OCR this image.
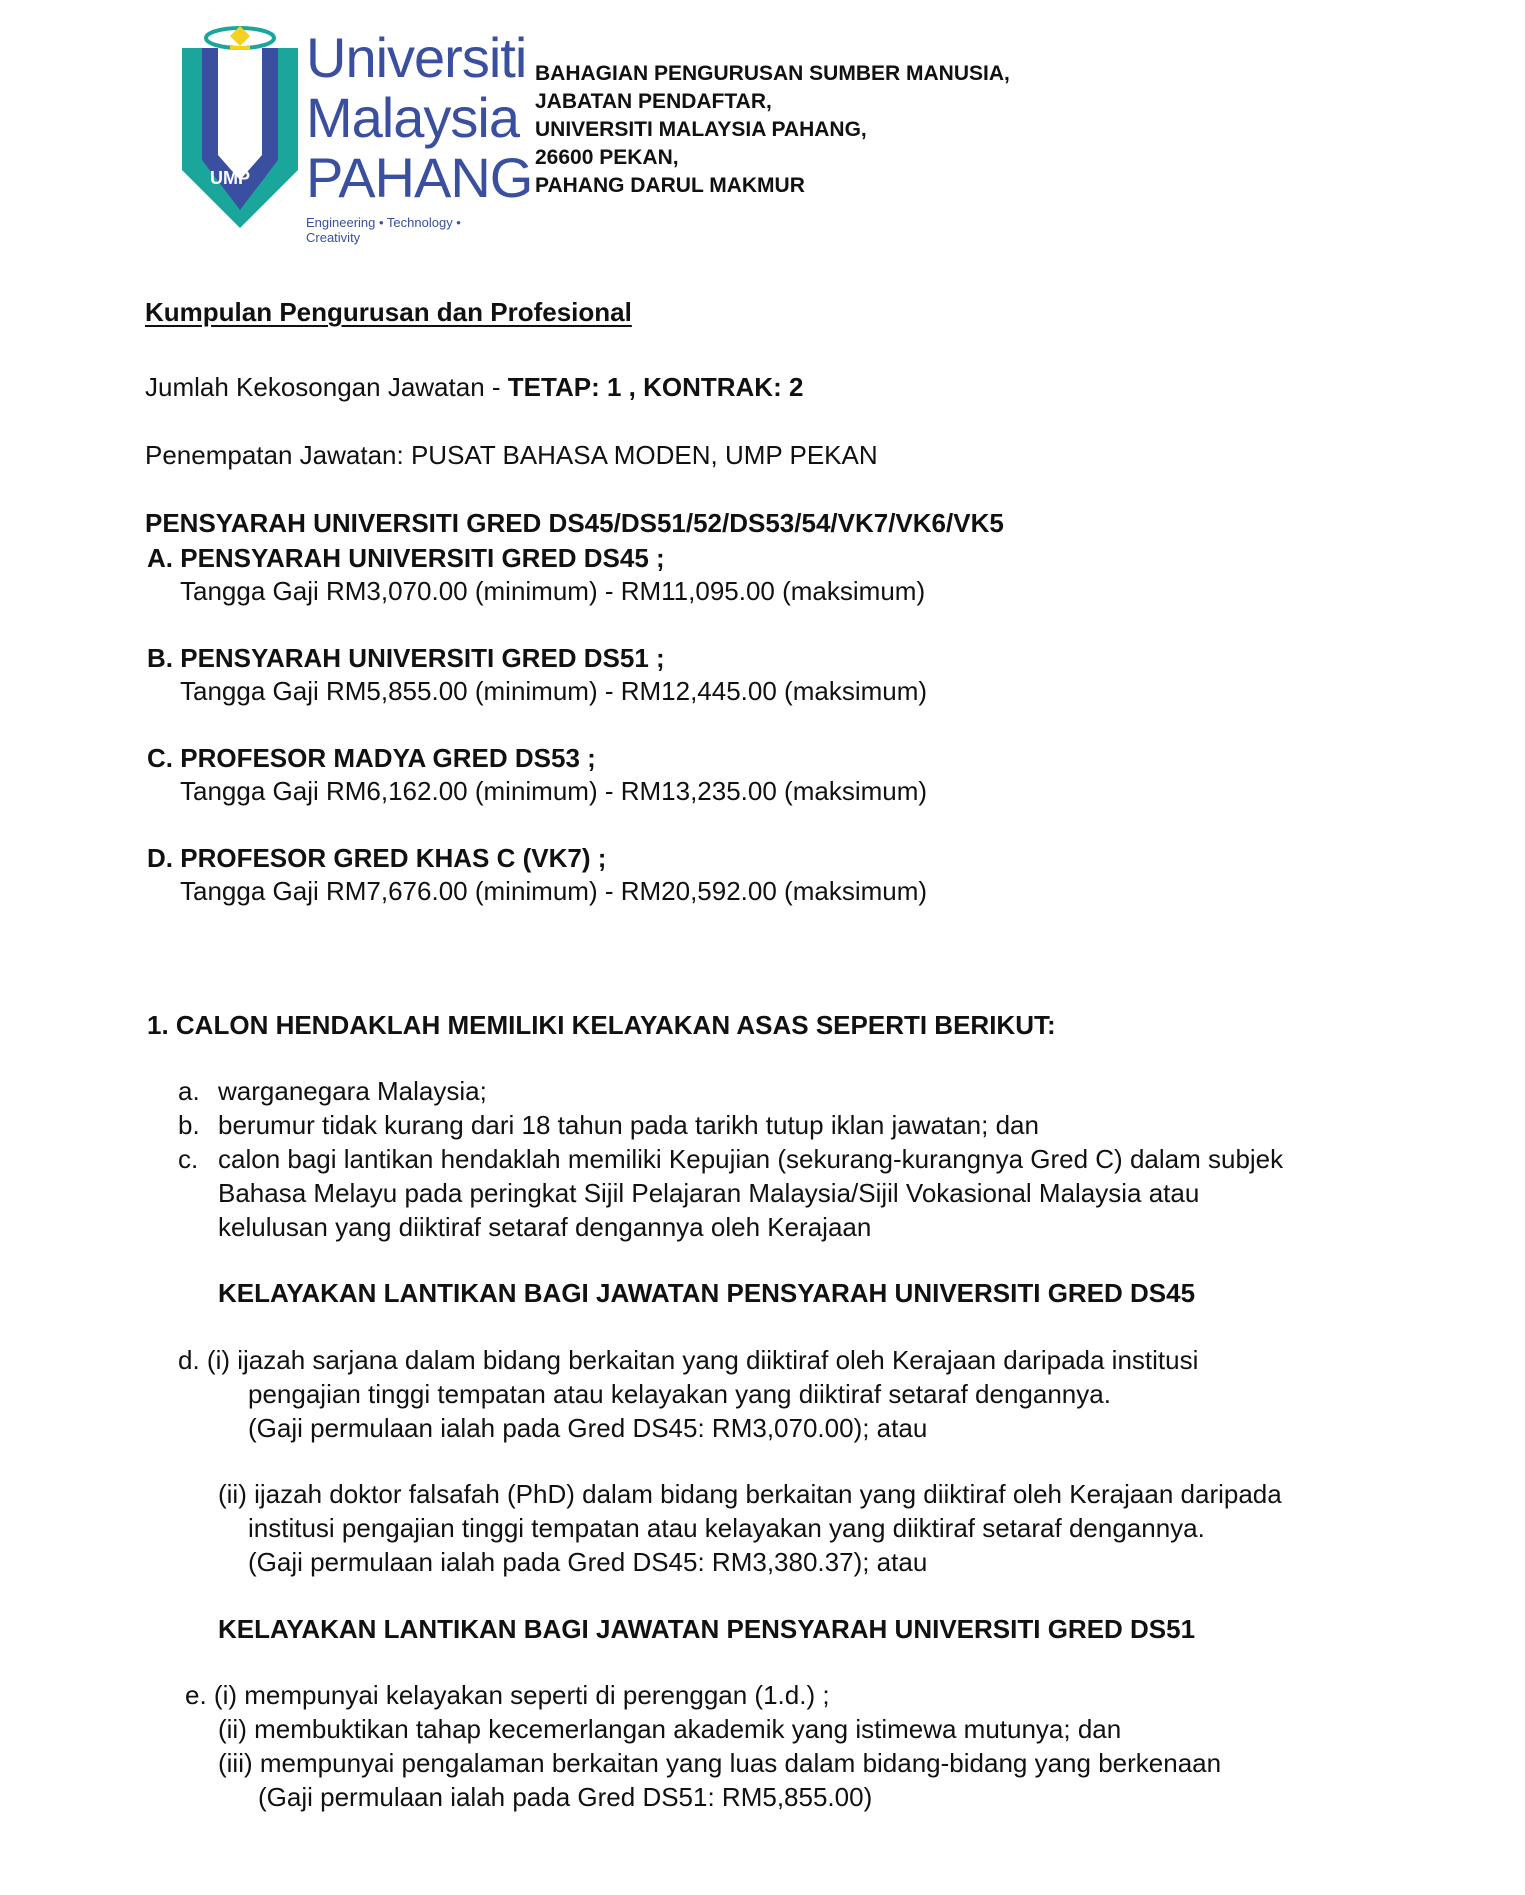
UMP
Universiti
Malaysia
PAHANG
Engineering • Technology • Creativity
BAHAGIAN PENGURUSAN SUMBER MANUSIA,
JABATAN PENDAFTAR,
UNIVERSITI MALAYSIA PAHANG,
26600 PEKAN,
PAHANG DARUL MAKMUR
Kumpulan Pengurusan dan Profesional
Jumlah Kekosongan Jawatan - TETAP: 1 , KONTRAK: 2
Penempatan Jawatan: PUSAT BAHASA MODEN, UMP PEKAN
PENSYARAH UNIVERSITI GRED DS45/DS51/52/DS53/54/VK7/VK6/VK5
A. PENSYARAH UNIVERSITI GRED DS45 ;
Tangga Gaji RM3,070.00 (minimum) - RM11,095.00 (maksimum)
B. PENSYARAH UNIVERSITI GRED DS51 ;
Tangga Gaji RM5,855.00 (minimum) - RM12,445.00 (maksimum)
C. PROFESOR MADYA GRED DS53 ;
Tangga Gaji RM6,162.00 (minimum) - RM13,235.00 (maksimum)
D. PROFESOR GRED KHAS C (VK7) ;
Tangga Gaji RM7,676.00 (minimum) - RM20,592.00 (maksimum)
1. CALON HENDAKLAH MEMILIKI KELAYAKAN ASAS SEPERTI BERIKUT:
a. warganegara Malaysia;
b. berumur tidak kurang dari 18 tahun pada tarikh tutup iklan jawatan; dan
c. calon bagi lantikan hendaklah memiliki Kepujian (sekurang-kurangnya Gred C) dalam subjek
Bahasa Melayu pada peringkat Sijil Pelajaran Malaysia/Sijil Vokasional Malaysia atau
kelulusan yang diiktiraf setaraf dengannya oleh Kerajaan
KELAYAKAN LANTIKAN BAGI JAWATAN PENSYARAH UNIVERSITI GRED DS45
d. (i) ijazah sarjana dalam bidang berkaitan yang diiktiraf oleh Kerajaan daripada institusi
pengajian tinggi tempatan atau kelayakan yang diiktiraf setaraf dengannya.
(Gaji permulaan ialah pada Gred DS45: RM3,070.00); atau
(ii) ijazah doktor falsafah (PhD) dalam bidang berkaitan yang diiktiraf oleh Kerajaan daripada
institusi pengajian tinggi tempatan atau kelayakan yang diiktiraf setaraf dengannya.
(Gaji permulaan ialah pada Gred DS45: RM3,380.37); atau
KELAYAKAN LANTIKAN BAGI JAWATAN PENSYARAH UNIVERSITI GRED DS51
e. (i) mempunyai kelayakan seperti di perenggan (1.d.) ;
(ii) membuktikan tahap kecemerlangan akademik yang istimewa mutunya; dan
(iii) mempunyai pengalaman berkaitan yang luas dalam bidang-bidang yang berkenaan
(Gaji permulaan ialah pada Gred DS51: RM5,855.00)
